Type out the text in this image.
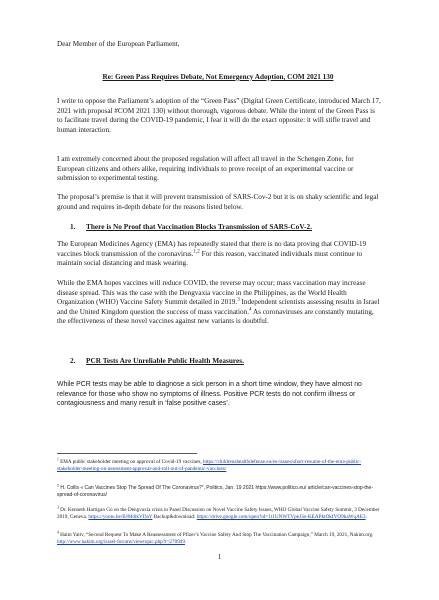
Dear Member of the European Parliament,
Re: Green Pass Requires Debate, Not Emergency Adoption, COM 2021 130

I write to oppose the Parliament’s adoption of the “Green Pass” (Digital Green Certificate, introduced March 17, 2021 with proposal #COM 2021 130) without thorough, vigorous debate. While the intent of the Green Pass is to facilitate travel during the COVID-19 pandemic, I fear it will do the exact opposite: it will stifle travel and human interaction.

I am extremely concerned about the proposed regulation will affect all travel in the Schengen Zone, for European citizens and others alike, requiring individuals to prove receipt of an experimental vaccine or submission to experimental testing.

The proposal’s premise is that it will prevent transmission of SARS-Cov-2 but it is on shaky scientific and legal ground and requires in-depth debate for the reasons listed below.

1. There is No Proof that Vaccination Blocks Transmission of SARS-CoV-2.

The European Medicines Agency (EMA) has repeatedly stated that there is no data proving that COVID-19 vaccines block transmission of the coronavirus.$^{1,2}$ For this reason, vaccinated individuals must continue to maintain social distancing and mask wearing.

While the EMA hopes vaccines will reduce COVID, the reverse may occur; mass vaccination may increase disease spread. This was the case with the Dengvaxia vaccine in the Philippines, as the World Health Organization (WHO) Vaccine Safety Summit detailed in 2019.$^3$ Independent scientists assessing results in Israel and the United Kingdom question the success of mass vaccination.$^4$ As coronaviruses are constantly mutating, the effectiveness of these novel vaccines against new variants is doubtful.

2. PCR Tests Are Unreliable Public Health Measures.

While PCR tests may be able to diagnose a sick person in a short time window, they have almost no relevance for those who show no symptoms of illness. Positive PCR tests do not confirm illness or contagiousness and many result in ‘false positive cases’.

$^1$ EMA public stakeholder meeting on approval of Covid-19 vaccines, https://childrenshealthdefense.eu/eu-issues/short-resume-of-the-ema-public-stakeholder-meeting-on-assessment-approval-and-roll-out-of-pandemic-vaccines/

$^2$ H. Collis « Can Vaccines Stop The Spread Of The Coronavirus?”, Politico, Jan. 19 2021 https://www.politico.eu/ article/can-vaccines-stop-the-spread-of-coronavirus/

$^3$ Dr. Kenneth Hartigan Go on the Dengvaxia crisis in Panel Discussion on Novel Vaccine Safety Issues, WHO Global Vaccine Safety Summit, 3 December 2019, Geneva. https://youtu.be/BJMdikVDaY Backup&download: https://drive.google.com/open?id=1t1UNWTVpeJ3o-KEAPktOkIVO9kaWqAE3.

$^4$ Haim Yativ, “Second Request To Make A Reassessment of Pfizer’s Vaccine Safety And Stop The Vaccination Campaign,” March 19, 2021, Nakim.org. http://www.nakim.org/israel-forums/viewtopic.php?t=270949.

1
